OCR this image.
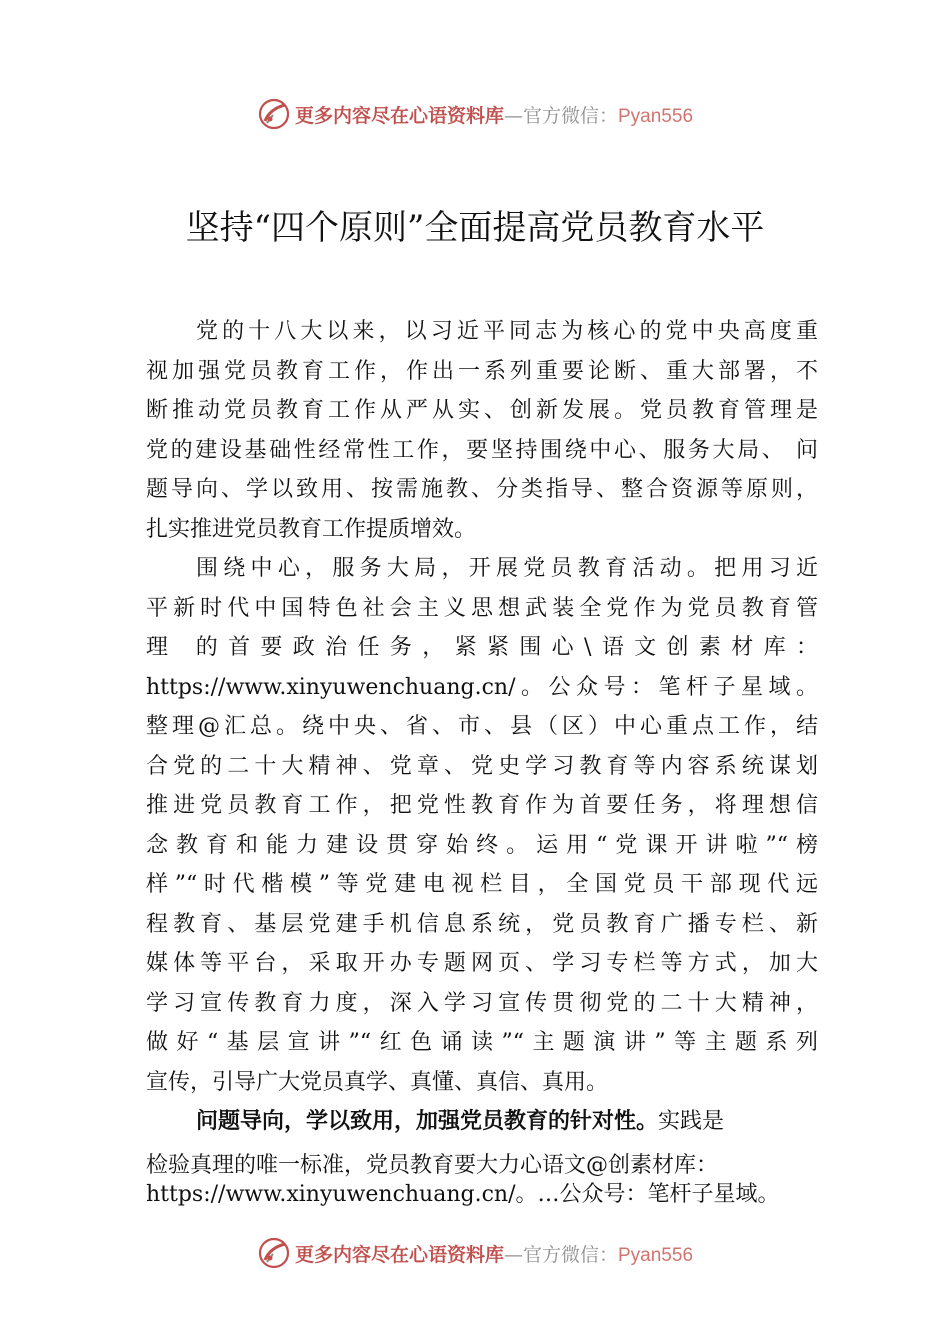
更多内容尽在心语资料库—官方微信：Pyan556
坚持“四个原则”全面提高党员教育水平
党的十八大以来，以习近平同志为核心的党中央高度重
视加强党员教育工作，作出一系列重要论断、重大部署，不
断推动党员教育工作从严从实、创新发展。党员教育管理是
党的建设基础性经常性工作，要坚持围绕中心、服务大局、 问
题导向、学以致用、按需施教、分类指导、整合资源等原则，
扎实推进党员教育工作提质增效。
围绕中心，服务大局，开展党员教育活动。把用习近
平新时代中国特色社会主义思想武装全党作为党员教育管
理 的首要政治任务，紧紧围心\语文创素材库：
https://www.xinyuwenchuang.cn/。公众号：笔杆子星域。
整理@汇总。绕中央、省、市、县（区）中心重点工作，结
合党的二十大精神、党章、党史学习教育等内容系统谋划
推进党员教育工作，把党性教育作为首要任务，将理想信
念教育和能力建设贯穿始终。运用“党课开讲啦”“榜
样”“时代楷模”等党建电视栏目，全国党员干部现代远
程教育、基层党建手机信息系统，党员教育广播专栏、新
媒体等平台，采取开办专题网页、学习专栏等方式，加大
学习宣传教育力度，深入学习宣传贯彻党的二十大精神，
做好“基层宣讲”“红色诵读”“主题演讲”等主题系列
宣传，引导广大党员真学、真懂、真信、真用。
问题导向，学以致用，加强党员教育的针对性。实践是
检验真理的唯一标准，党员教育要大力心语文@创素材库：
https://www.xinyuwenchuang.cn/。…公众号：笔杆子星域。
更多内容尽在心语资料库—官方微信：Pyan556
